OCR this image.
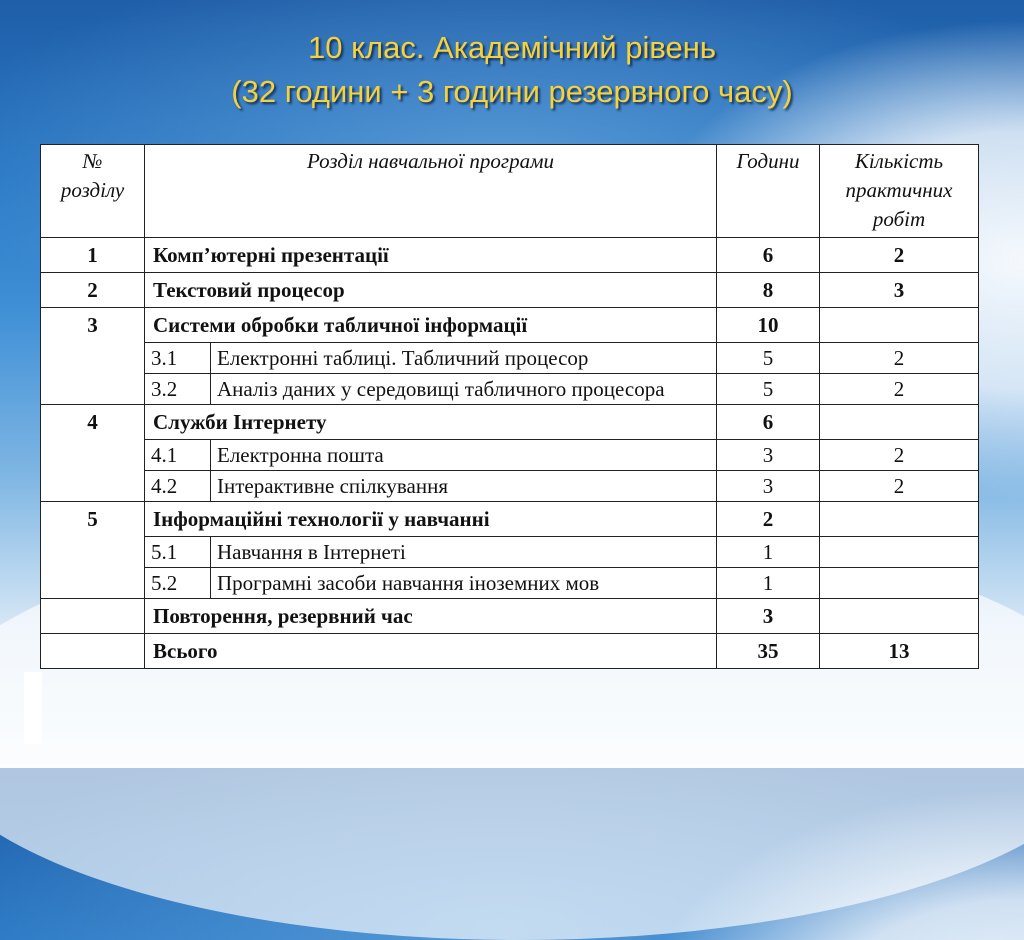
10 клас. Академічний рівень
(32 години + 3 години резервного часу)
№ розділу	Розділ навчальної програми		Години	Кількість практичних робіт
1	Комп’ютерні презентації		6	2
2	Текстовий процесор		8	3
3	Системи обробки табличної інформації		10	
	3.1	Електронні таблиці. Табличний процесор	5	2
	3.2	Аналіз даних у середовищі табличного процесора	5	2
4	Служби Інтернету		6	
	4.1	Електронна пошта	3	2
	4.2	Інтерактивне спілкування	3	2
5	Інформаційні технології у навчанні		2	
	5.1	Навчання в Інтернеті	1	
	5.2	Програмні засоби навчання іноземних мов	1	
	Повторення, резервний час		3	
	Всього		35	13
